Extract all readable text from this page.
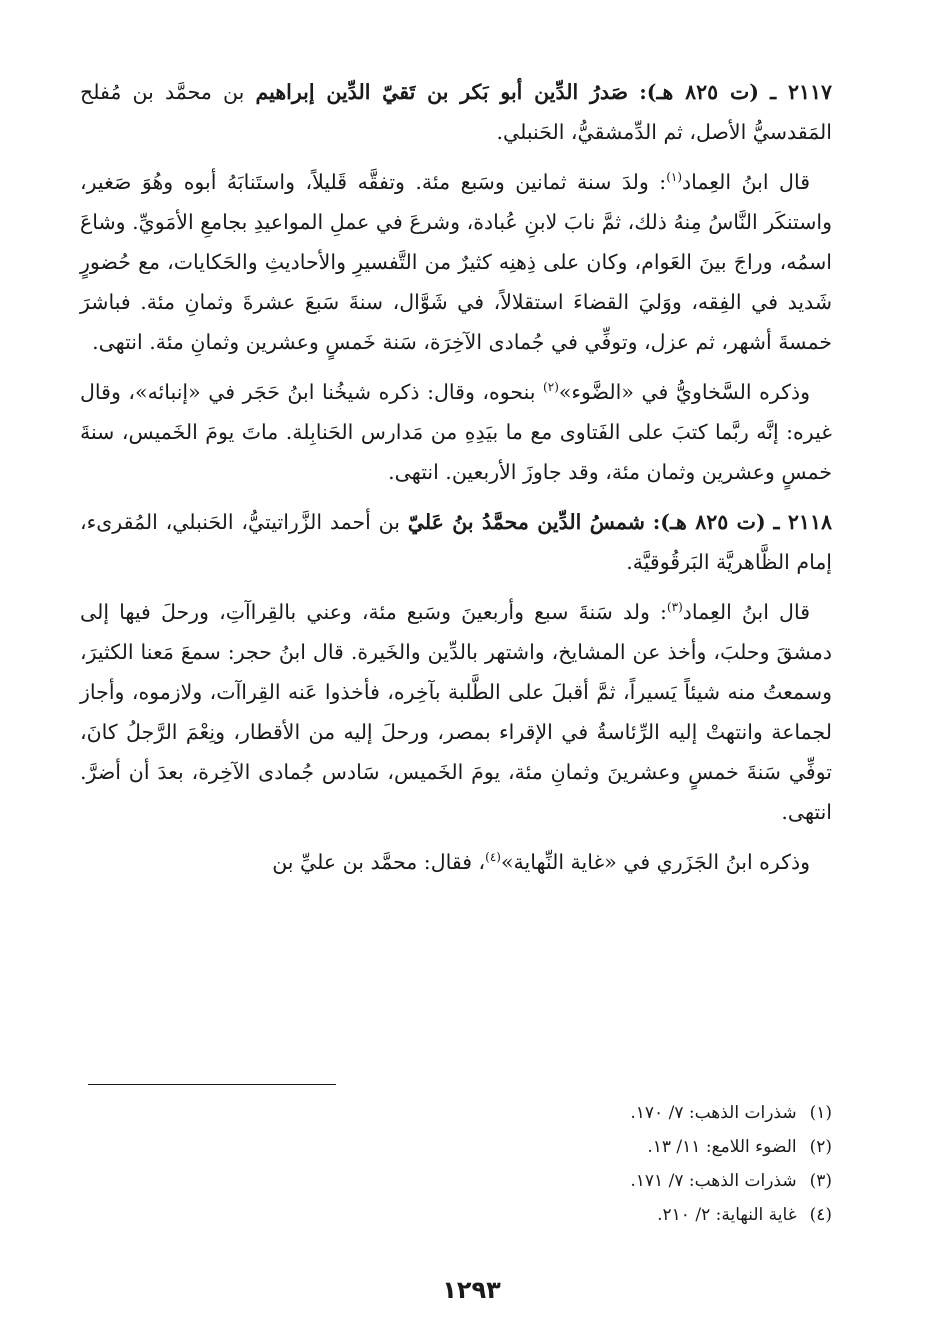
٢١١٧ ـ (ت ٨٢٥ هـ): صَدرُ الدِّين أبو بَكر بن تَقيّ الدِّين إبراهيم بن محمَّد بن مُفلح المَقدسيُّ الأصل، ثم الدِّمشقيُّ، الحَنبلي.

قال ابنُ العِماد$^{(١)}$: ولدَ سنة ثمانين وسَبع مئة. وتفقَّه قَليلاً، واستَنابَهُ أبوه وهُوَ صَغير، واستنكَر النَّاسُ مِنهُ ذلك، ثمَّ نابَ لابنِ عُبادة، وشرعَ في عملِ المواعيدِ بجامعِ الأمَويِّ. وشاعَ اسمُه، وراجَ بينَ العَوام، وكان على ذِهنِه كثيرٌ من التَّفسيرِ والأحاديثِ والحَكايات، مع حُضورٍ شَديد في الفِقه، ووَليَ القضاءَ استقلالاً، في شَوَّال، سنةَ سَبعَ عشرةَ وثمانِ مئة. فباشرَ خمسةَ أشهر، ثم عزل، وتوفِّي في جُمادى الآخِرَة، سَنة خَمسٍ وعشرين وثمانِ مئة. انتهى.

وذكره السَّخاويُّ في «الضَّوء»$^{(٢)}$ بنحوه، وقال: ذكره شيخُنا ابنُ حَجَر في «إنبائه»، وقال غيره: إنَّه ربَّما كتبَ على الفَتاوى مع ما بيَدِهِ من مَدارس الحَنابِلة. ماتَ يومَ الخَميس، سنةَ خمسٍ وعشرين وثمان مئة، وقد جاوزَ الأربعين. انتهى.

٢١١٨ ـ (ت ٨٢٥ هـ): شمسُ الدِّين محمَّدُ بنُ عَليّ بن أحمد الزَّراتيتيُّ، الحَنبلي، المُقرىء، إمام الظَّاهريَّة البَرقُوقيَّة.

قال ابنُ العِماد$^{(٣)}$: ولد سَنةَ سبع وأربعينَ وسَبع مئة، وعني بالقِراآتِ، ورحلَ فيها إلى دمشقَ وحلبَ، وأخذ عن المشايخ، واشتهر بالدِّين والخَيرة. قال ابنُ حجر: سمعَ مَعنا الكثيرَ، وسمعتُ منه شيئاً يَسيراً، ثمَّ أقبلَ على الطَّلبة بآخِره، فأخذوا عَنه القِراآت، ولازموه، وأجاز لجماعة وانتهتْ إليه الرِّئاسةُ في الإقراء بمصر، ورحلَ إليه من الأقطار، ونِعْمَ الرَّجلُ كانَ، توفِّي سَنةَ خمسٍ وعشرينَ وثمانِ مئة، يومَ الخَميس، سَادس جُمادى الآخِرة، بعدَ أن أضرَّ. انتهى.

وذكره ابنُ الجَزَري في «غاية النِّهاية»$^{(٤)}$، فقال: محمَّد بن عليِّ بن

(١) شذرات الذهب: ٧/ ١٧٠.
(٢) الضوء اللامع: ١١/ ١٣.
(٣) شذرات الذهب: ٧/ ١٧١.
(٤) غاية النهاية: ٢/ ٢١٠.
١٢٩٣
